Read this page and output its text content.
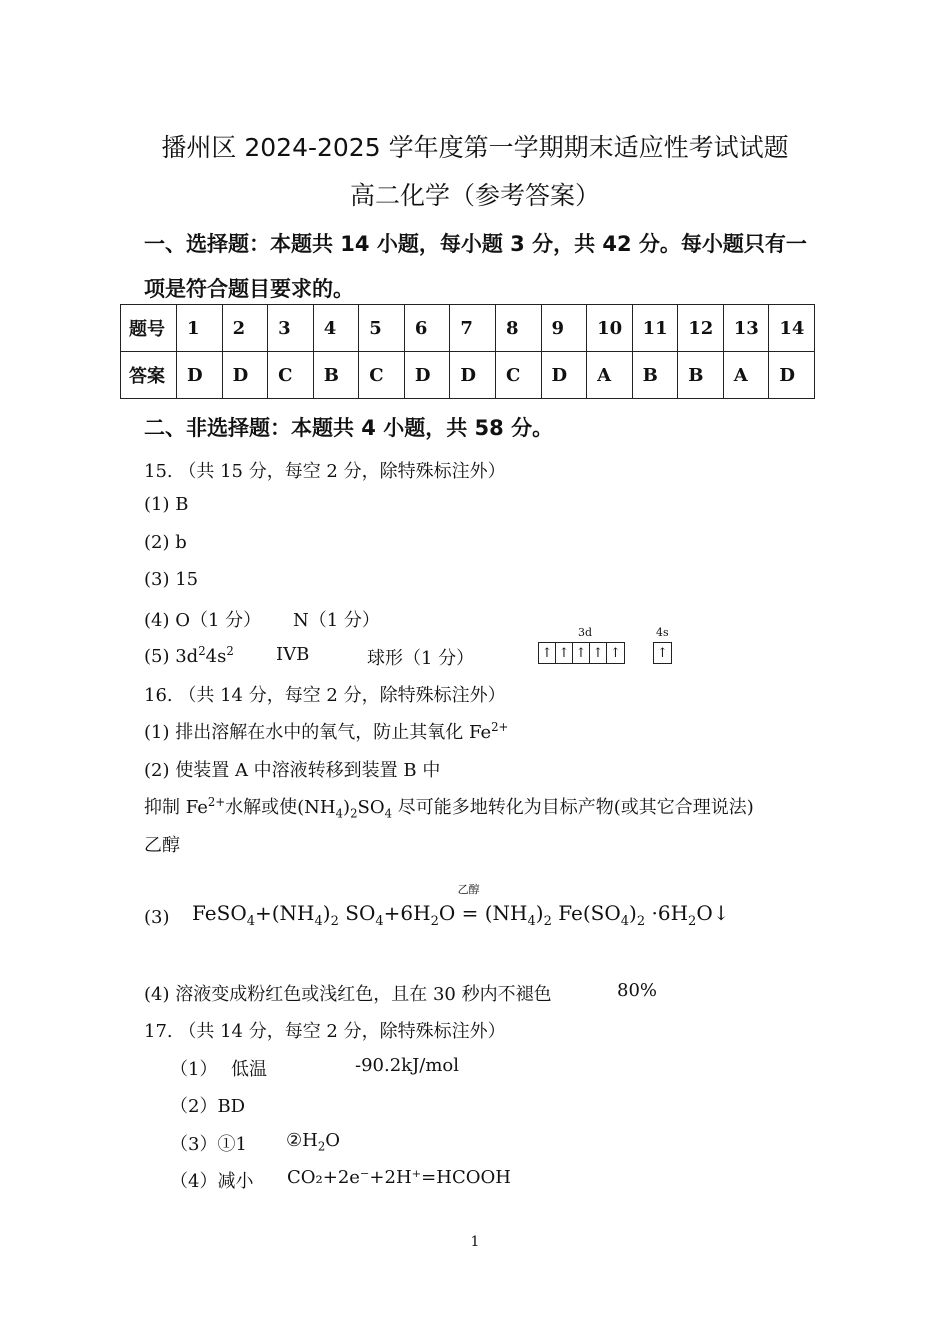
播州区 2024-2025 学年度第一学期期末适应性考试试题
高二化学（参考答案）
一、选择题：本题共 14 小题，每小题 3 分，共 42 分。每小题只有一
项是符合题目要求的。
题号	1	2	3	4	5	6	7	8	9	10	11	12	13	14
答案	D	D	C	B	C	D	D	C	D	A	B	B	A	D
二、非选择题：本题共 4 小题，共 58 分。
15. （共 15 分，每空 2 分，除特殊标注外）
(1) B
(2) b
(3) 15
(4) O（1 分） N（1 分）
(5) $3d^24s^2$ IVB	球形（1 分）
3d
↑ ↑ ↑ ↑ ↑
4s
↑
16. （共 14 分，每空 2 分，除特殊标注外）
(1) 排出溶解在水中的氧气，防止其氧化 $Fe^{2+}$
(2) 使装置 A 中溶液转移到装置 B 中
抑制 $Fe^{2+}$水解或使$(NH_4)_2SO_4$ 尽可能多地转化为目标产物(或其它合理说法)
乙醇
(3) $FeSO_4+(NH_4)_2$ $SO_4+6H_2O$
乙醇
= $(NH_4)_2$ $Fe(SO_4)_2$ $\cdot 6H_2O↓$
(4) 溶液变成粉红色或浅红色，且在 30 秒内不褪色	80%
17. （共 14 分，每空 2 分，除特殊标注外）
（1） 低温	-90.2kJ/mol
（2）BD
（3）①1 $②H_2O$
（4）减小 CO₂+2e⁻+2H⁺=HCOOH
1
